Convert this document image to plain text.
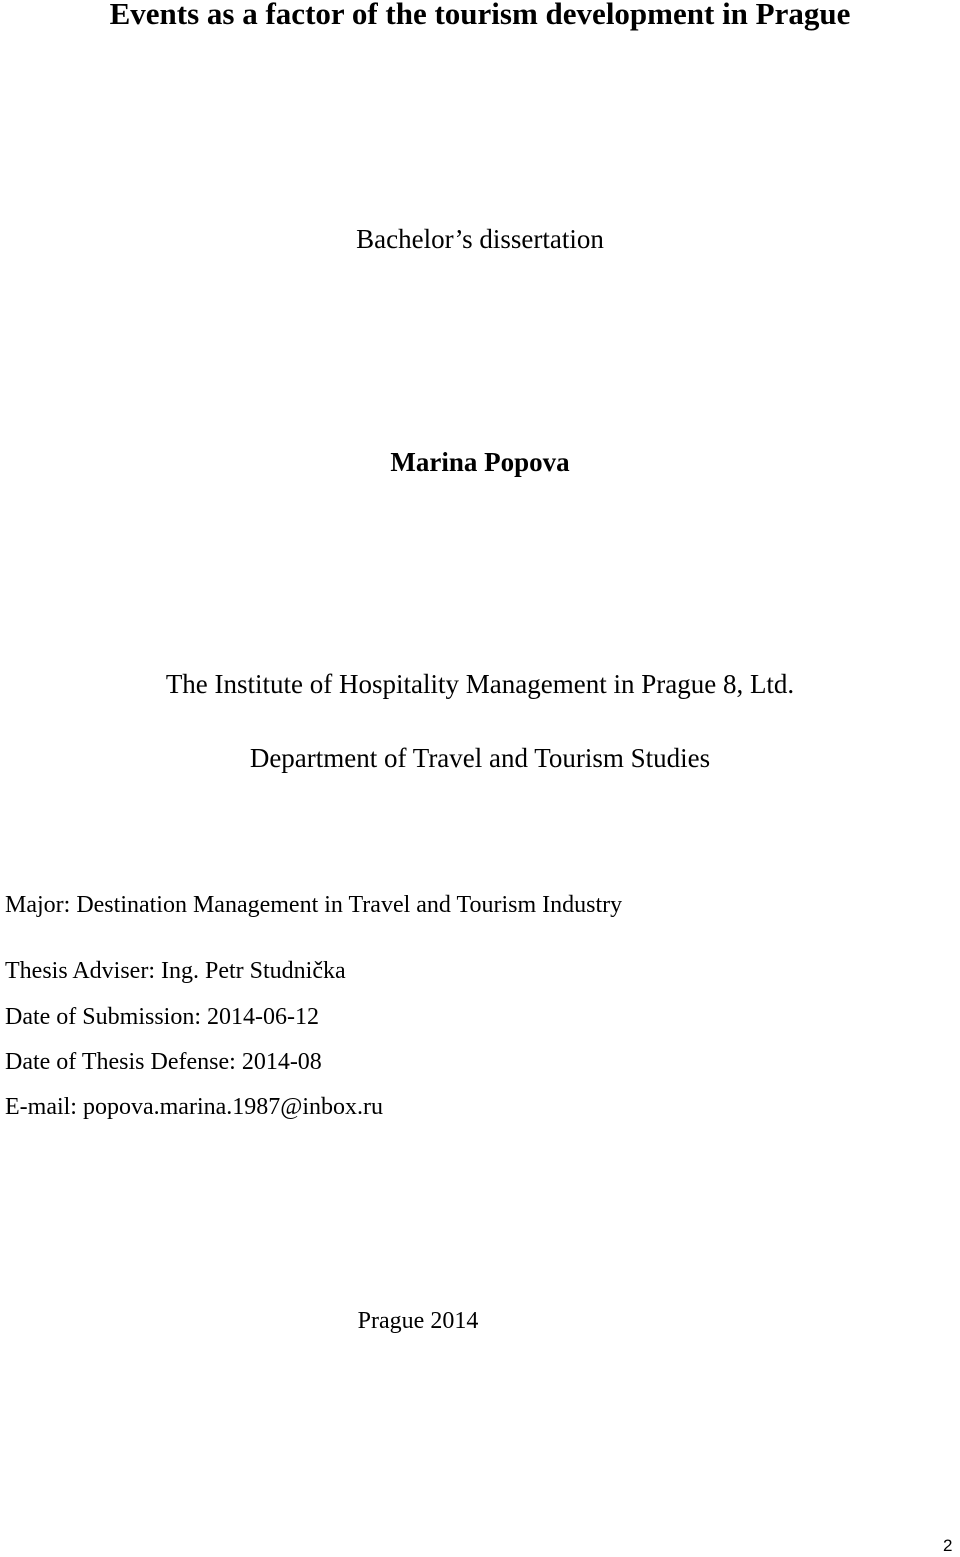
Events as a factor of the tourism development in Prague
Bachelor’s dissertation
Marina Popova
The Institute of Hospitality Management in Prague 8, Ltd.
Department of Travel and Tourism Studies
Major: Destination Management in Travel and Tourism Industry
Thesis Adviser: Ing. Petr Studnička
Date of Submission: 2014-06-12
Date of Thesis Defense: 2014-08
E-mail: popova.marina.1987@inbox.ru
Prague 2014
2
